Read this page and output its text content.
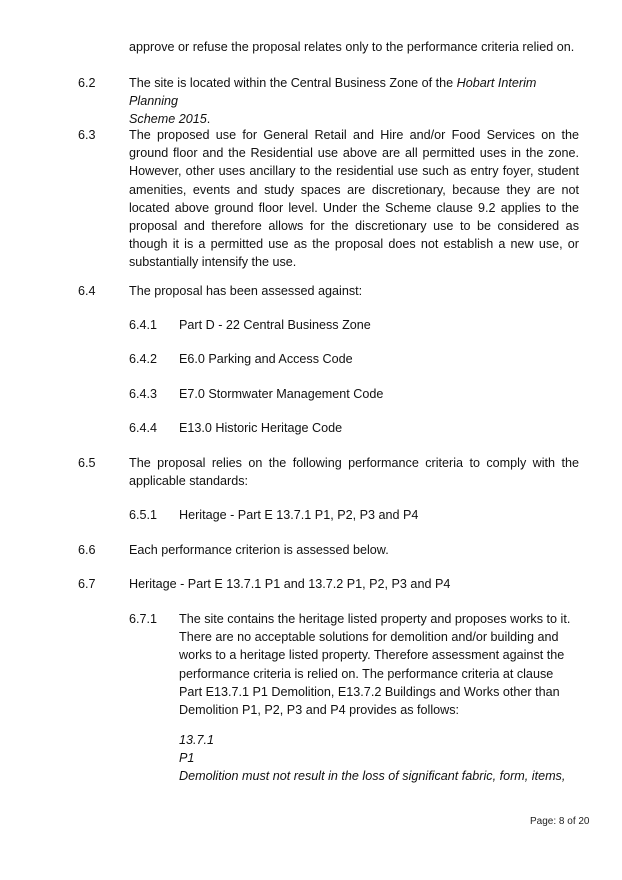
approve or refuse the proposal relates only to the performance criteria relied on.
6.2	The site is located within the Central Business Zone of the Hobart Interim Planning
Scheme 2015.
6.3	The proposed use for General Retail and Hire and/or Food Services on the ground floor and the Residential use above are all permitted uses in the zone. However, other uses ancillary to the residential use such as entry foyer, student amenities, events and study spaces are discretionary, because they are not located above ground floor level. Under the Scheme clause 9.2 applies to the proposal and therefore allows for the discretionary use to be considered as though it is a permitted use as the proposal does not establish a new use, or substantially intensify the use.
6.4	The proposal has been assessed against:
6.4.1 Part D - 22 Central Business Zone
6.4.2 E6.0 Parking and Access Code
6.4.3 E7.0 Stormwater Management Code
6.4.4 E13.0 Historic Heritage Code
6.5	The proposal relies on the following performance criteria to comply with the applicable standards:
6.5.1 Heritage - Part E 13.7.1 P1, P2, P3 and P4
6.6	Each performance criterion is assessed below.
6.7	Heritage - Part E 13.7.1 P1 and 13.7.2 P1, P2, P3 and P4
6.7.1 The site contains the heritage listed property and proposes works to it. There are no acceptable solutions for demolition and/or building and works to a heritage listed property. Therefore assessment against the performance criteria is relied on. The performance criteria at clause Part E13.7.1 P1 Demolition, E13.7.2 Buildings and Works other than Demolition P1, P2, P3 and P4 provides as follows:
13.7.1
P1
Demolition must not result in the loss of significant fabric, form, items,
Page: 8 of 20
